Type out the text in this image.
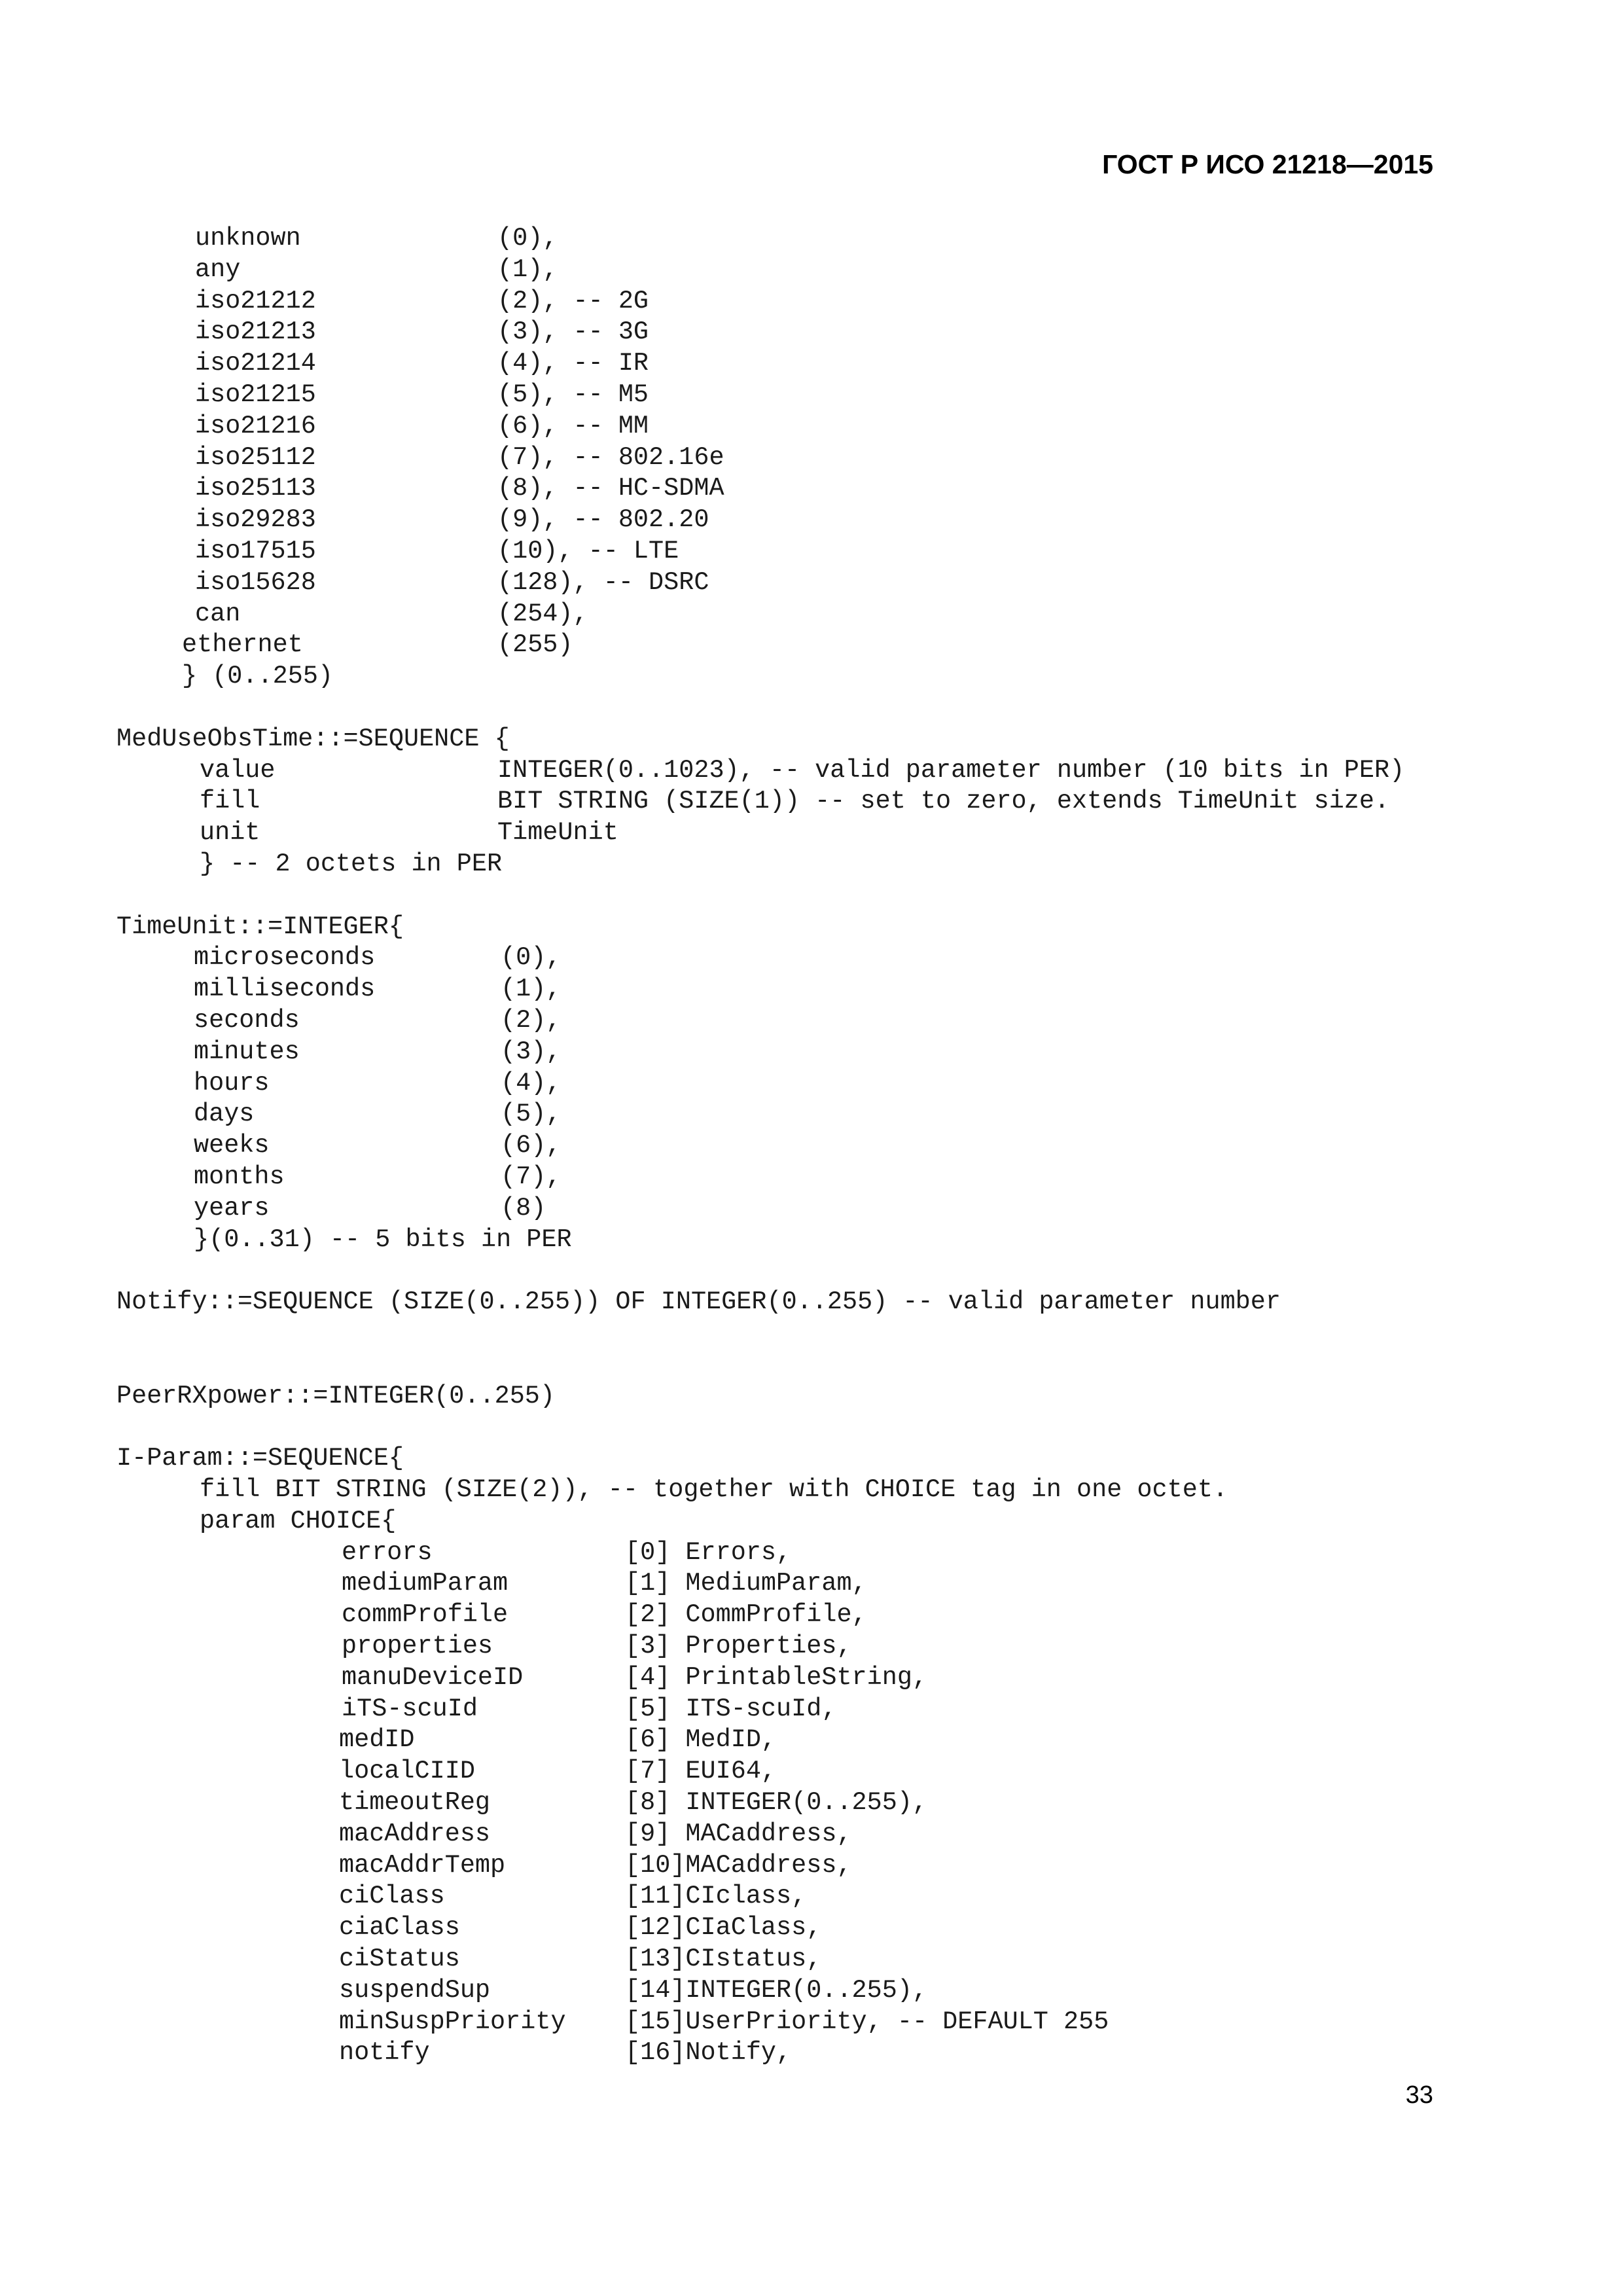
ГОСТ Р ИСО 21218—2015
unknown	(0),
any	(1),
iso21212	(2), -- 2G
iso21213	(3), -- 3G
iso21214	(4), -- IR
iso21215	(5), -- M5
iso21216	(6), -- MM
iso25112	(7), -- 802.16e
iso25113	(8), -- HC-SDMA
iso29283	(9), -- 802.20
iso17515	(10), -- LTE
iso15628	(128), -- DSRC
can	(254),
ethernet	(255)
} (0..255)
MedUseObsTime::=SEQUENCE {
value	INTEGER(0..1023), -- valid parameter number (10 bits in PER)
fill	BIT STRING (SIZE(1)) -- set to zero, extends TimeUnit size.
unit	TimeUnit
} -- 2 octets in PER
TimeUnit::=INTEGER{
microseconds	(0),
milliseconds	(1),
seconds	(2),
minutes	(3),
hours	(4),
days	(5),
weeks	(6),
months	(7),
years	(8)
}(0..31) -- 5 bits in PER
Notify::=SEQUENCE (SIZE(0..255)) OF INTEGER(0..255) -- valid parameter number
PeerRXpower::=INTEGER(0..255)
I-Param::=SEQUENCE{
fill BIT STRING (SIZE(2)), -- together with CHOICE tag in one octet.
param CHOICE{
errors	[0] Errors,
mediumParam	[1] MediumParam,
commProfile	[2] CommProfile,
properties	[3] Properties,
manuDeviceID	[4] PrintableString,
iTS-scuId	[5] ITS-scuId,
medID	[6] MedID,
localCIID	[7] EUI64,
timeoutReg	[8] INTEGER(0..255),
macAddress	[9] MACaddress,
macAddrTemp	[10]MACaddress,
ciClass	[11]CIclass,
ciaClass	[12]CIaClass,
ciStatus	[13]CIstatus,
suspendSup	[14]INTEGER(0..255),
minSuspPriority [15]UserPriority, -- DEFAULT 255
notify	[16]Notify,
33
